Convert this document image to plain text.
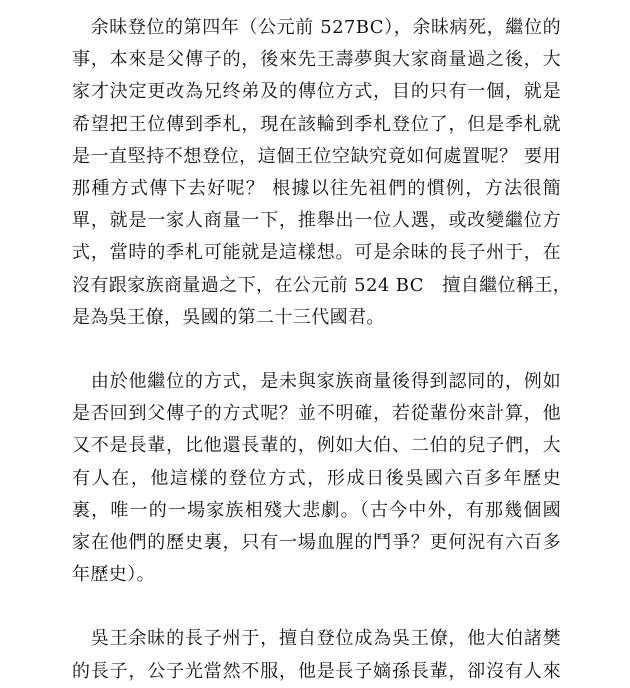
　余昧登位的第四年（公元前 527BC），余昧病死，繼位的
事，本來是父傳子的，後來先王壽夢與大家商量過之後，大
家才決定更改為兄终弟及的傳位方式，目的只有一個，就是
希望把王位傳到季札，現在該輪到季札登位了，但是季札就
是一直堅持不想登位，這個王位空缺究竟如何處置呢？ 要用
那種方式傳下去好呢？ 根據以往先祖們的慣例，方法很簡
單，就是一家人商量一下，推舉出一位人選，或改變繼位方
式，當時的季札可能就是這樣想。可是余昧的長子州于，在
沒有跟家族商量過之下，在公元前 524 BC　擅自繼位稱王，
是為吳王僚，吳國的第二十三代國君。
　由於他繼位的方式，是未與家族商量後得到認同的，例如
是否回到父傳子的方式呢？並不明確，若從輩份來計算，他
又不是長輩，比他還長輩的，例如大伯、二伯的兒子們，大
有人在，他這樣的登位方式，形成日後吳國六百多年歷史
裏，唯一的一場家族相殘大悲劇。（古今中外，有那幾個國
家在他們的歷史裏，只有一場血腥的鬥爭？更何況有六百多
年歷史）。
　吳王余昧的長子州于，擅自登位成為吳王僚，他大伯諸樊
的長子，公子光當然不服，他是長子嫡孫長輩，卻沒有人來
